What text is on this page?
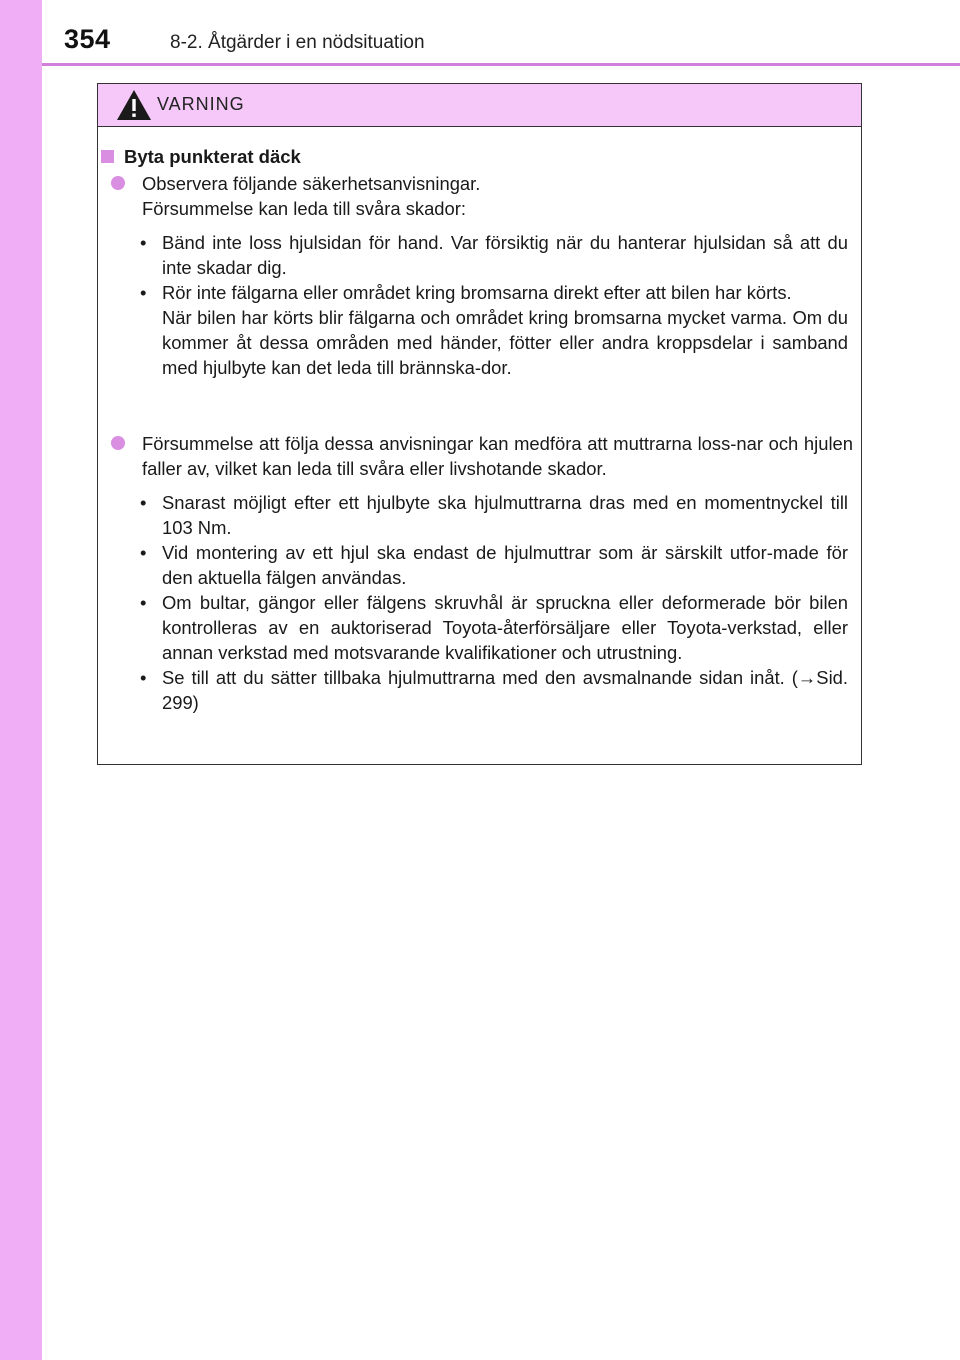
354	8-2. Åtgärder i en nödsituation
VARNING
Byta punkterat däck
Observera följande säkerhetsanvisningar.
Försummelse kan leda till svåra skador:
• Bänd inte loss hjulsidan för hand. Var försiktig när du hanterar hjulsidan så att du inte skadar dig.
• Rör inte fälgarna eller området kring bromsarna direkt efter att bilen har körts.
När bilen har körts blir fälgarna och området kring bromsarna mycket varma. Om du kommer åt dessa områden med händer, fötter eller andra kroppsdelar i samband med hjulbyte kan det leda till brännska-dor.
Försummelse att följa dessa anvisningar kan medföra att muttrarna loss-nar och hjulen faller av, vilket kan leda till svåra eller livshotande skador.
• Snarast möjligt efter ett hjulbyte ska hjulmuttrarna dras med en momentnyckel till 103 Nm.
• Vid montering av ett hjul ska endast de hjulmuttrar som är särskilt utfor-made för den aktuella fälgen användas.
• Om bultar, gängor eller fälgens skruvhål är spruckna eller deformerade bör bilen kontrolleras av en auktoriserad Toyota-återförsäljare eller Toyota-verkstad, eller annan verkstad med motsvarande kvalifikationer och utrustning.
• Se till att du sätter tillbaka hjulmuttrarna med den avsmalnande sidan inåt. (→Sid. 299)
